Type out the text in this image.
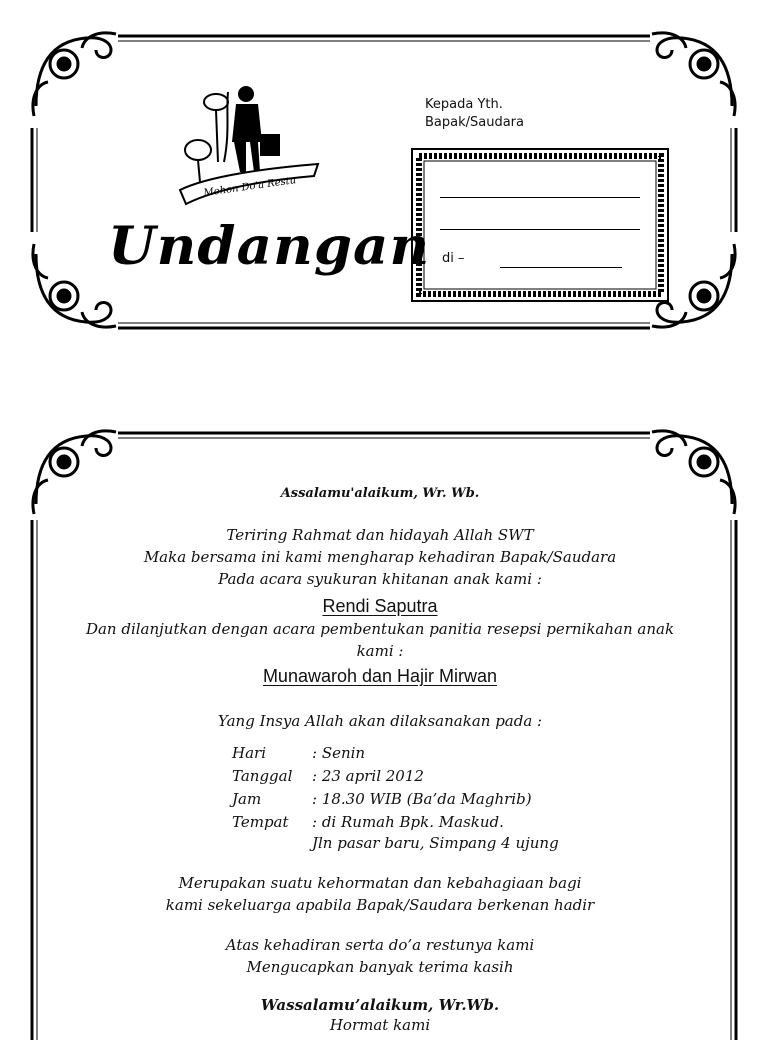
Mohon Do'a Restu
Undangan
Kepada Yth.
Bapak/Saudara
di –
Assalamu'alaikum, Wr. Wb.
Teriring Rahmat dan hidayah Allah SWT
Maka bersama ini kami mengharap kehadiran Bapak/Saudara
Pada acara syukuran khitanan anak kami :
Rendi Saputra
Dan dilanjutkan dengan acara pembentukan panitia resepsi pernikahan anak
kami :
Munawaroh dan Hajir Mirwan
Yang Insya Allah akan dilaksanakan pada :
Hari	: Senin
Tanggal	: 23 april 2012
Jam	: 18.30 WIB (Ba’da Maghrib)
Tempat	: di Rumah Bpk. Maskud.
Jln pasar baru, Simpang 4 ujung
Merupakan suatu kehormatan dan kebahagiaan bagi
kami sekeluarga apabila Bapak/Saudara berkenan hadir
Atas kehadiran serta do’a restunya kami
Mengucapkan banyak terima kasih
Wassalamu’alaikum, Wr.Wb.
Hormat kami
